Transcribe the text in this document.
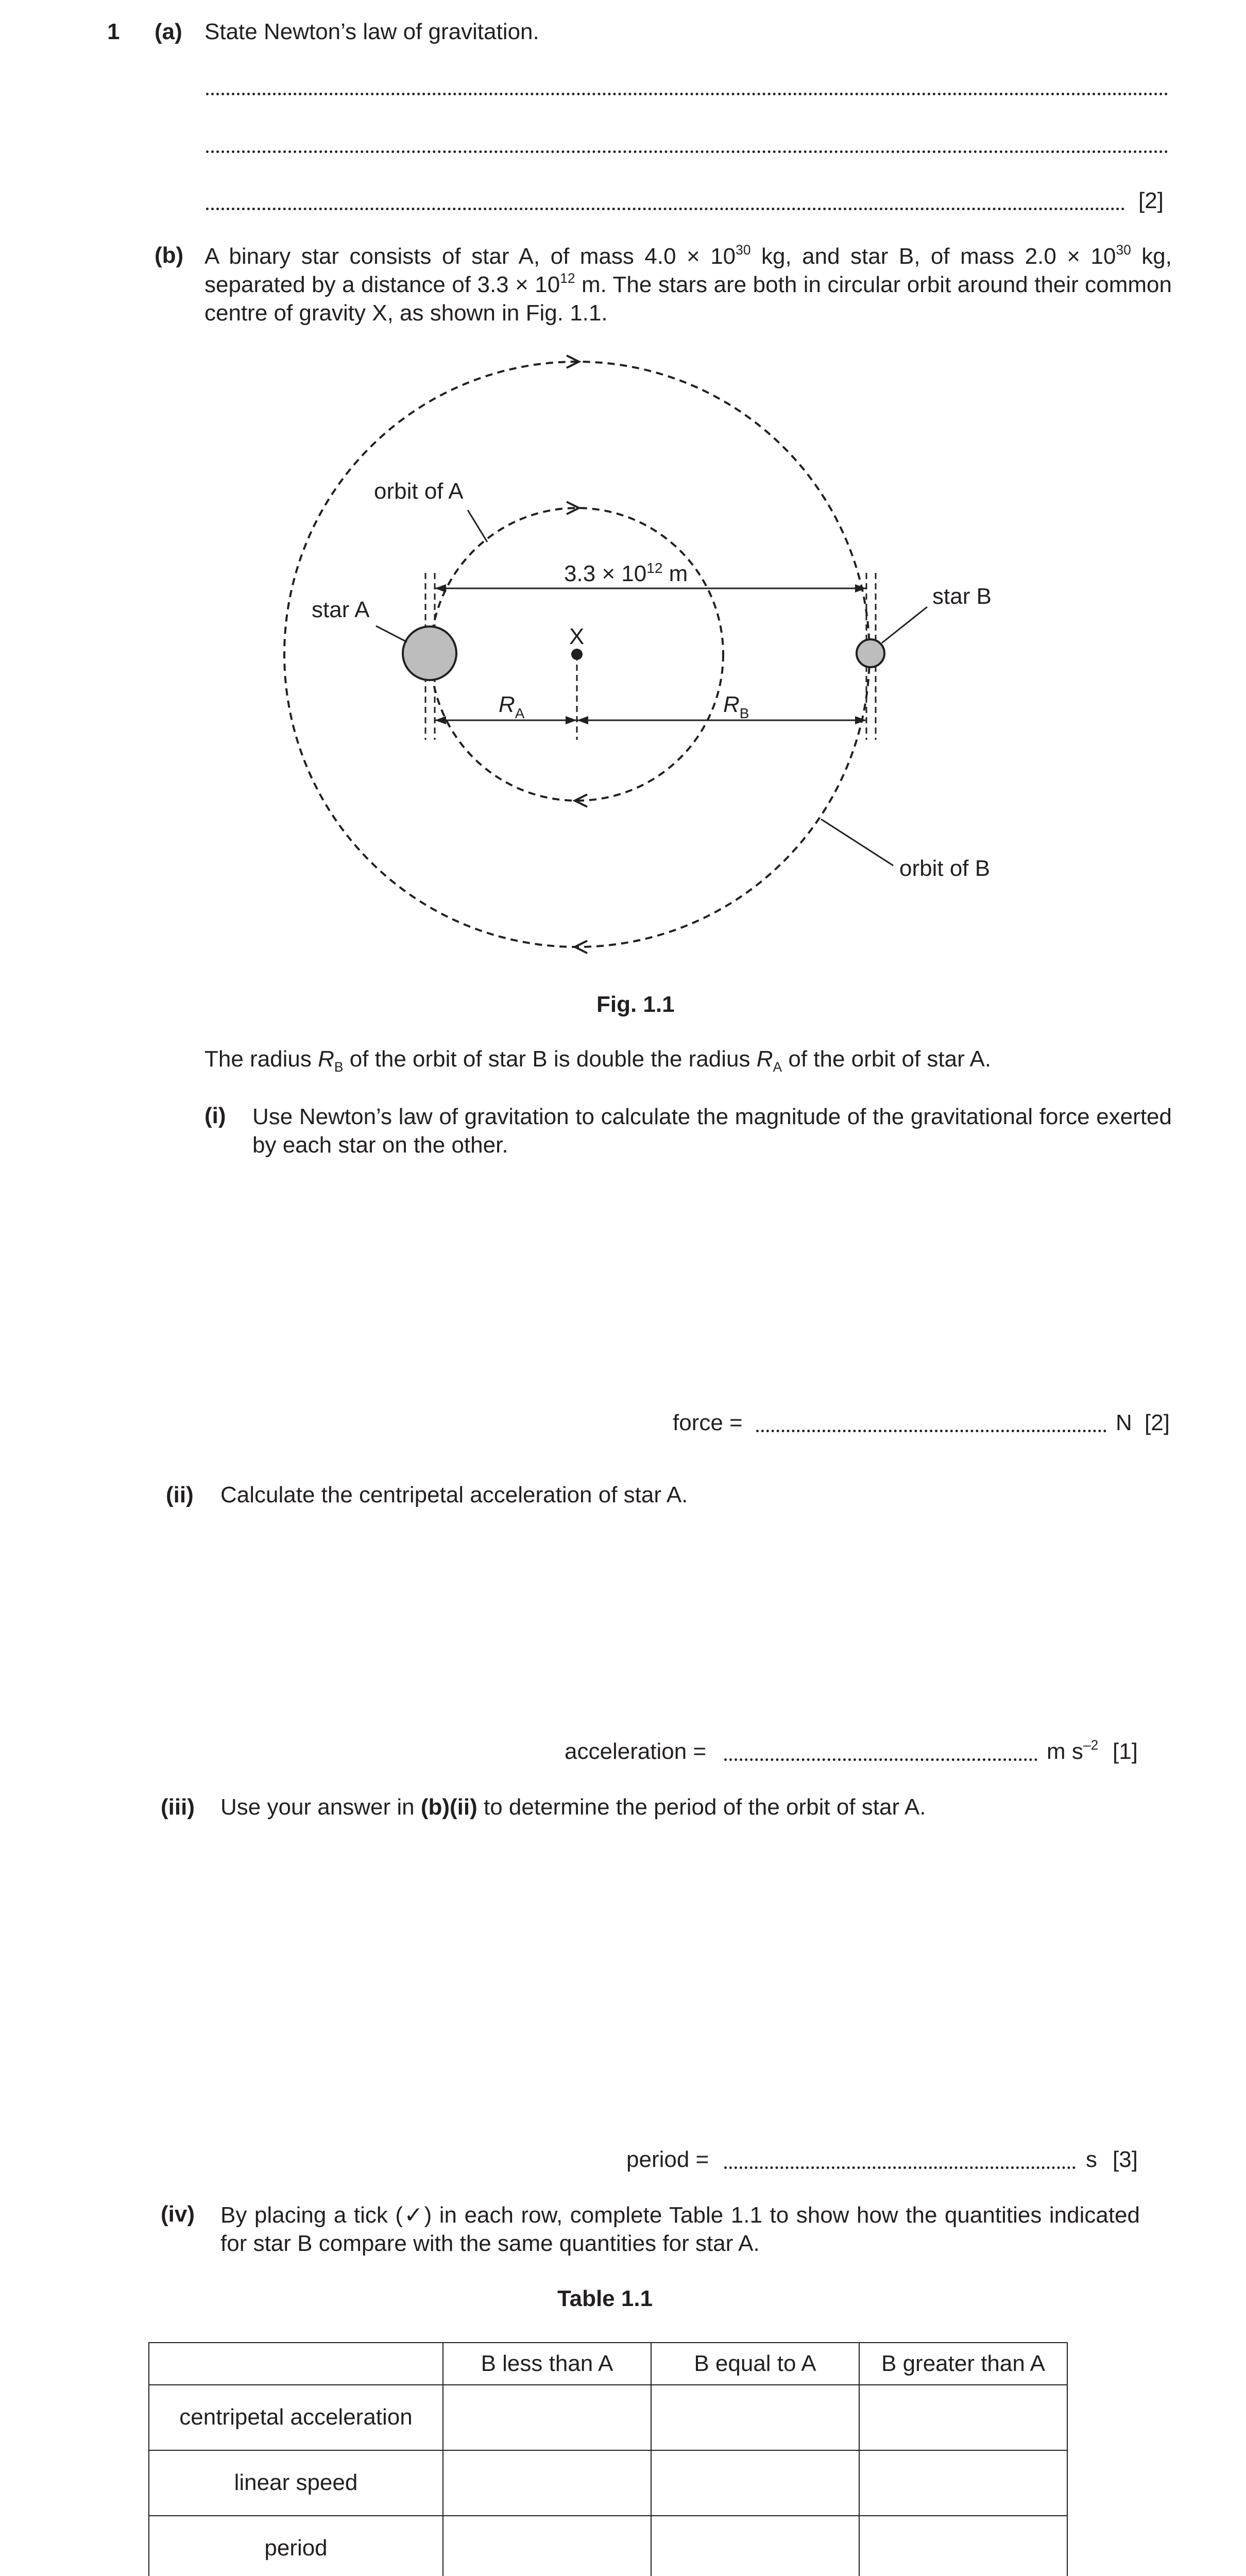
1 (a) State Newton’s law of gravitation.
[2]
(b) A binary star consists of star A, of mass $4.0 \times 10^{30}$ kg, and star B, of mass $2.0 \times 10^{30}$ kg, separated by a distance of $3.3 \times 10^{12}$ m. The stars are both in circular orbit around their common centre of gravity X, as shown in Fig. 1.1.
orbit of A
star A
star B
orbit of B
X
$3.3 \times 10^{12}$ m
$R_A$	$R_B$
Fig. 1.1
The radius $R_B$ of the orbit of star B is double the radius $R_A$ of the orbit of star A.
(i) Use Newton’s law of gravitation to calculate the magnitude of the gravitational force exerted by each star on the other.
force =	N [2]
(ii) Calculate the centripetal acceleration of star A.
acceleration =	m $s^{-2}$ [1]
(iii) Use your answer in (b)(ii) to determine the period of the orbit of star A.
period =	s [3]
(iv) By placing a tick (✓) in each row, complete Table 1.1 to show how the quantities indicated for star B compare with the same quantities for star A.
Table 1.1
	B less than A	B equal to A	B greater than A
centripetal acceleration			
linear speed			
period			
